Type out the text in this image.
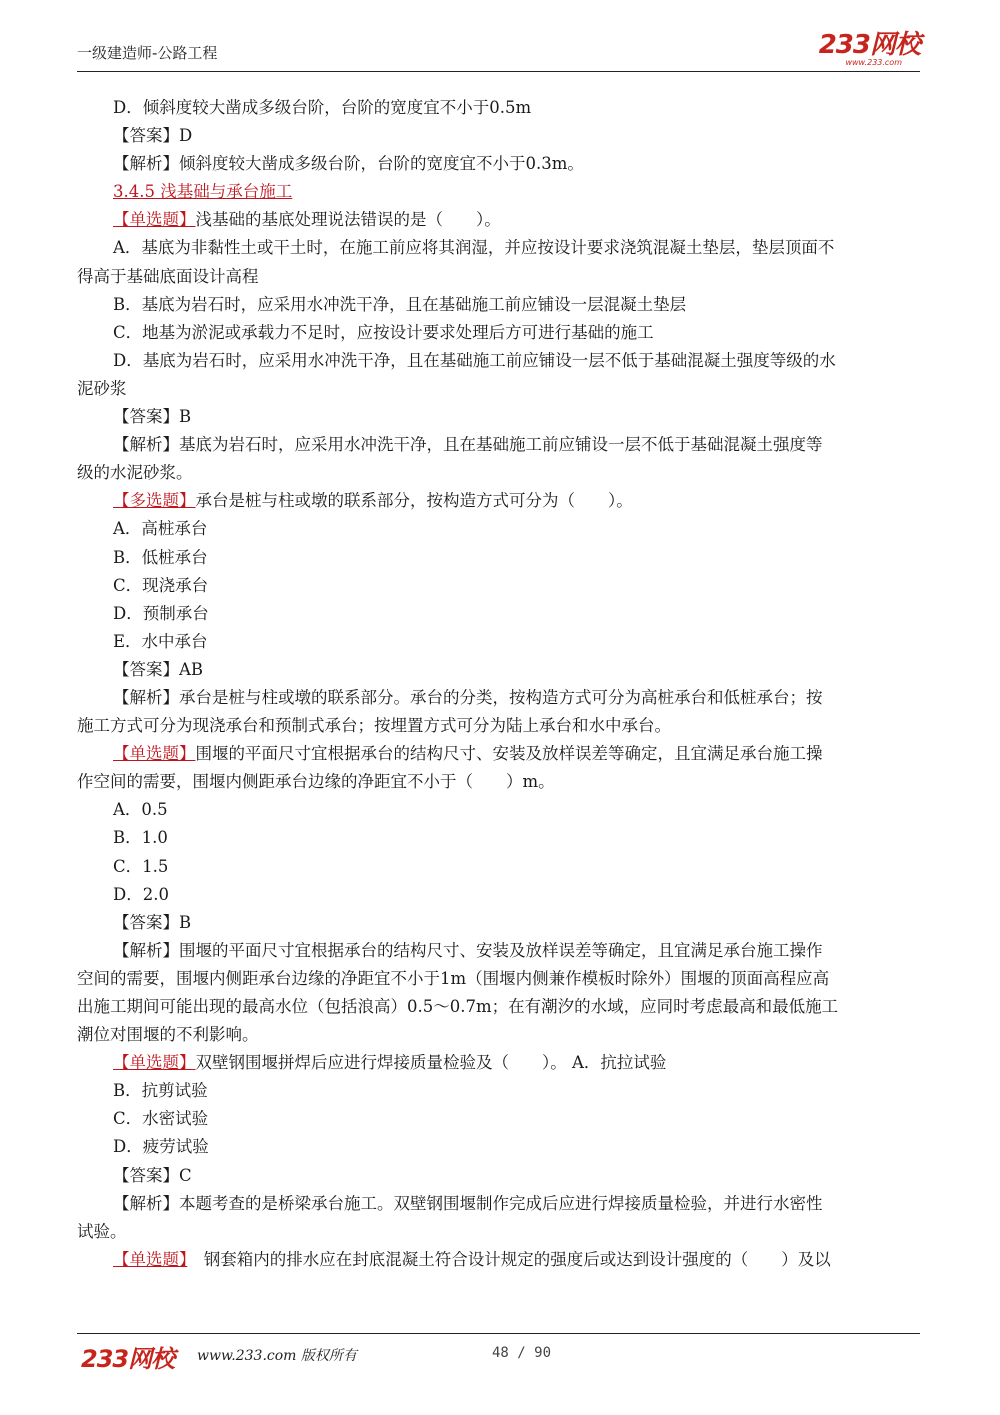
一级建造师-公路工程	233网校
www.233.com
D．倾斜度较大凿成多级台阶，台阶的宽度宜不小于0.5m
【答案】D
【解析】倾斜度较大凿成多级台阶，台阶的宽度宜不小于0.3m。
3.4.5 浅基础与承台施工
【单选题】浅基础的基底处理说法错误的是（　　）。
A．基底为非黏性土或干土时，在施工前应将其润湿，并应按设计要求浇筑混凝土垫层，垫层顶面不
得高于基础底面设计高程
B．基底为岩石时，应采用水冲洗干净，且在基础施工前应铺设一层混凝土垫层
C．地基为淤泥或承载力不足时，应按设计要求处理后方可进行基础的施工
D．基底为岩石时，应采用水冲洗干净，且在基础施工前应铺设一层不低于基础混凝土强度等级的水
泥砂浆
【答案】B
【解析】基底为岩石时，应采用水冲洗干净，且在基础施工前应铺设一层不低于基础混凝土强度等
级的水泥砂浆。
【多选题】承台是桩与柱或墩的联系部分，按构造方式可分为（　　）。
A．高桩承台
B．低桩承台
C．现浇承台
D．预制承台
E．水中承台
【答案】AB
【解析】承台是桩与柱或墩的联系部分。承台的分类，按构造方式可分为高桩承台和低桩承台；按
施工方式可分为现浇承台和预制式承台；按埋置方式可分为陆上承台和水中承台。
【单选题】围堰的平面尺寸宜根据承台的结构尺寸、安装及放样误差等确定，且宜满足承台施工操
作空间的需要，围堰内侧距承台边缘的净距宜不小于（　　）m。
A．0.5
B．1.0
C．1.5
D．2.0
【答案】B
【解析】围堰的平面尺寸宜根据承台的结构尺寸、安装及放样误差等确定，且宜满足承台施工操作
空间的需要，围堰内侧距承台边缘的净距宜不小于1m（围堰内侧兼作模板时除外）围堰的顶面高程应高
出施工期间可能出现的最高水位（包括浪高）0.5～0.7m；在有潮汐的水域，应同时考虑最高和最低施工
潮位对围堰的不利影响。
【单选题】双壁钢围堰拼焊后应进行焊接质量检验及（　　）。 A．抗拉试验
B．抗剪试验
C．水密试验
D．疲劳试验
【答案】C
【解析】本题考查的是桥梁承台施工。双壁钢围堰制作完成后应进行焊接质量检验，并进行水密性
试验。
【单选题】　钢套箱内的排水应在封底混凝土符合设计规定的强度后或达到设计强度的（　　）及以
233网校 www.233.com 版权所有	48 / 90
